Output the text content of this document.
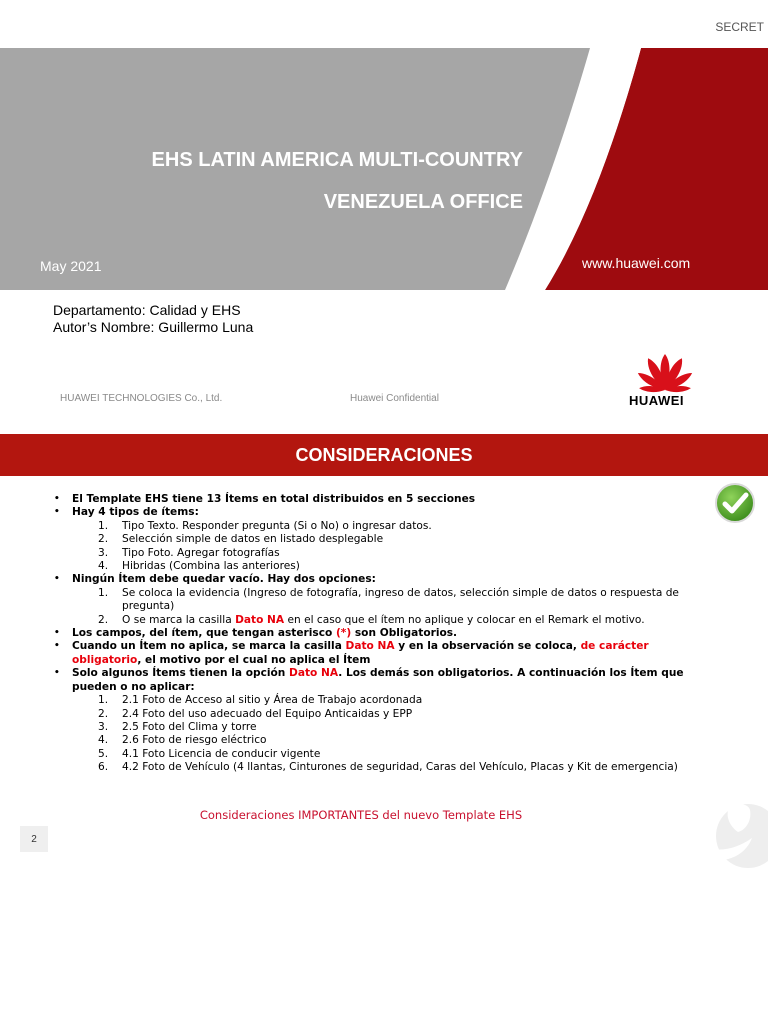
SECRET
EHS LATIN AMERICA MULTI-COUNTRY
VENEZUELA OFFICE
May 2021	www.huawei.com
Departamento: Calidad y EHS
Autor’s Nombre: Guillermo Luna
HUAWEI TECHNOLOGIES Co., Ltd.	Huawei Confidential	HUAWEI
CONSIDERACIONES
• El Template EHS tiene 13 Ítems en total distribuidos en 5 secciones
• Hay 4 tipos de ítems:
1. Tipo Texto. Responder pregunta (Si o No) o ingresar datos.
2. Selección simple de datos en listado desplegable
3. Tipo Foto. Agregar fotografías
4. Hibridas (Combina las anteriores)
• Ningún Ítem debe quedar vacío. Hay dos opciones:
1. Se coloca la evidencia (Ingreso de fotografía, ingreso de datos, selección simple de datos o respuesta de pregunta)
2. O se marca la casilla Dato NA en el caso que el ítem no aplique y colocar en el Remark el motivo.
• Los campos, del ítem, que tengan asterisco (*) son Obligatorios.
• Cuando un Ítem no aplica, se marca la casilla Dato NA y en la observación se coloca, de carácter obligatorio, el motivo por el cual no aplica el Ítem
• Solo algunos Ítems tienen la opción Dato NA. Los demás son obligatorios. A continuación los Ítem que pueden o no aplicar:
1. 2.1 Foto de Acceso al sitio y Área de Trabajo acordonada
2. 2.4 Foto del uso adecuado del Equipo Anticaidas y EPP
3. 2.5 Foto del Clima y torre
4. 2.6 Foto de riesgo eléctrico
5. 4.1 Foto Licencia de conducir vigente
6. 4.2 Foto de Vehículo (4 llantas, Cinturones de seguridad, Caras del Vehículo, Placas y Kit de emergencia)
Consideraciones IMPORTANTES del nuevo Template EHS
2
